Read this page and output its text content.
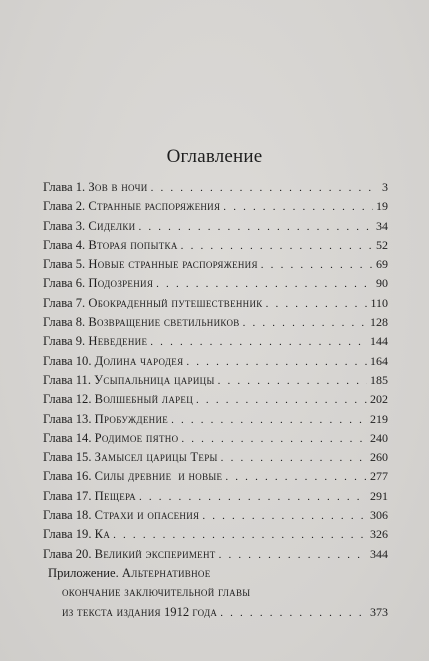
Оглавление
Глава 1. Зов в ночи . . .	3
Глава 2. Странные распоряжения . . .	19
Глава 3. Сиделки . . .	34
Глава 4. Вторая попытка . . .	52
Глава 5. Новые странные распоряжения . . .	69
Глава 6. Подозрения . . .	90
Глава 7. Обокраденный путешественник . . .	110
Глава 8. Возвращение светильников . . .	128
Глава 9. Неведение . . .	144
Глава 10. Долина чародея . . .	164
Глава 11. Усыпальница царицы . . .	185
Глава 12. Волшебный ларец . . .	202
Глава 13. Пробуждение . . .	219
Глава 14. Родимое пятно . . .	240
Глава 15. Замысел царицы Теры . . .	260
Глава 16. Силы древние  и новые . . .	277
Глава 17. Пещера . . .	291
Глава 18. Страхи и опасения . . .	306
Глава 19. Ка . . .	326
Глава 20. Великий эксперимент . . .	344
Приложение. Альтернативное
окончание заключительной главы
из текста издания 1912 года . . .	373
